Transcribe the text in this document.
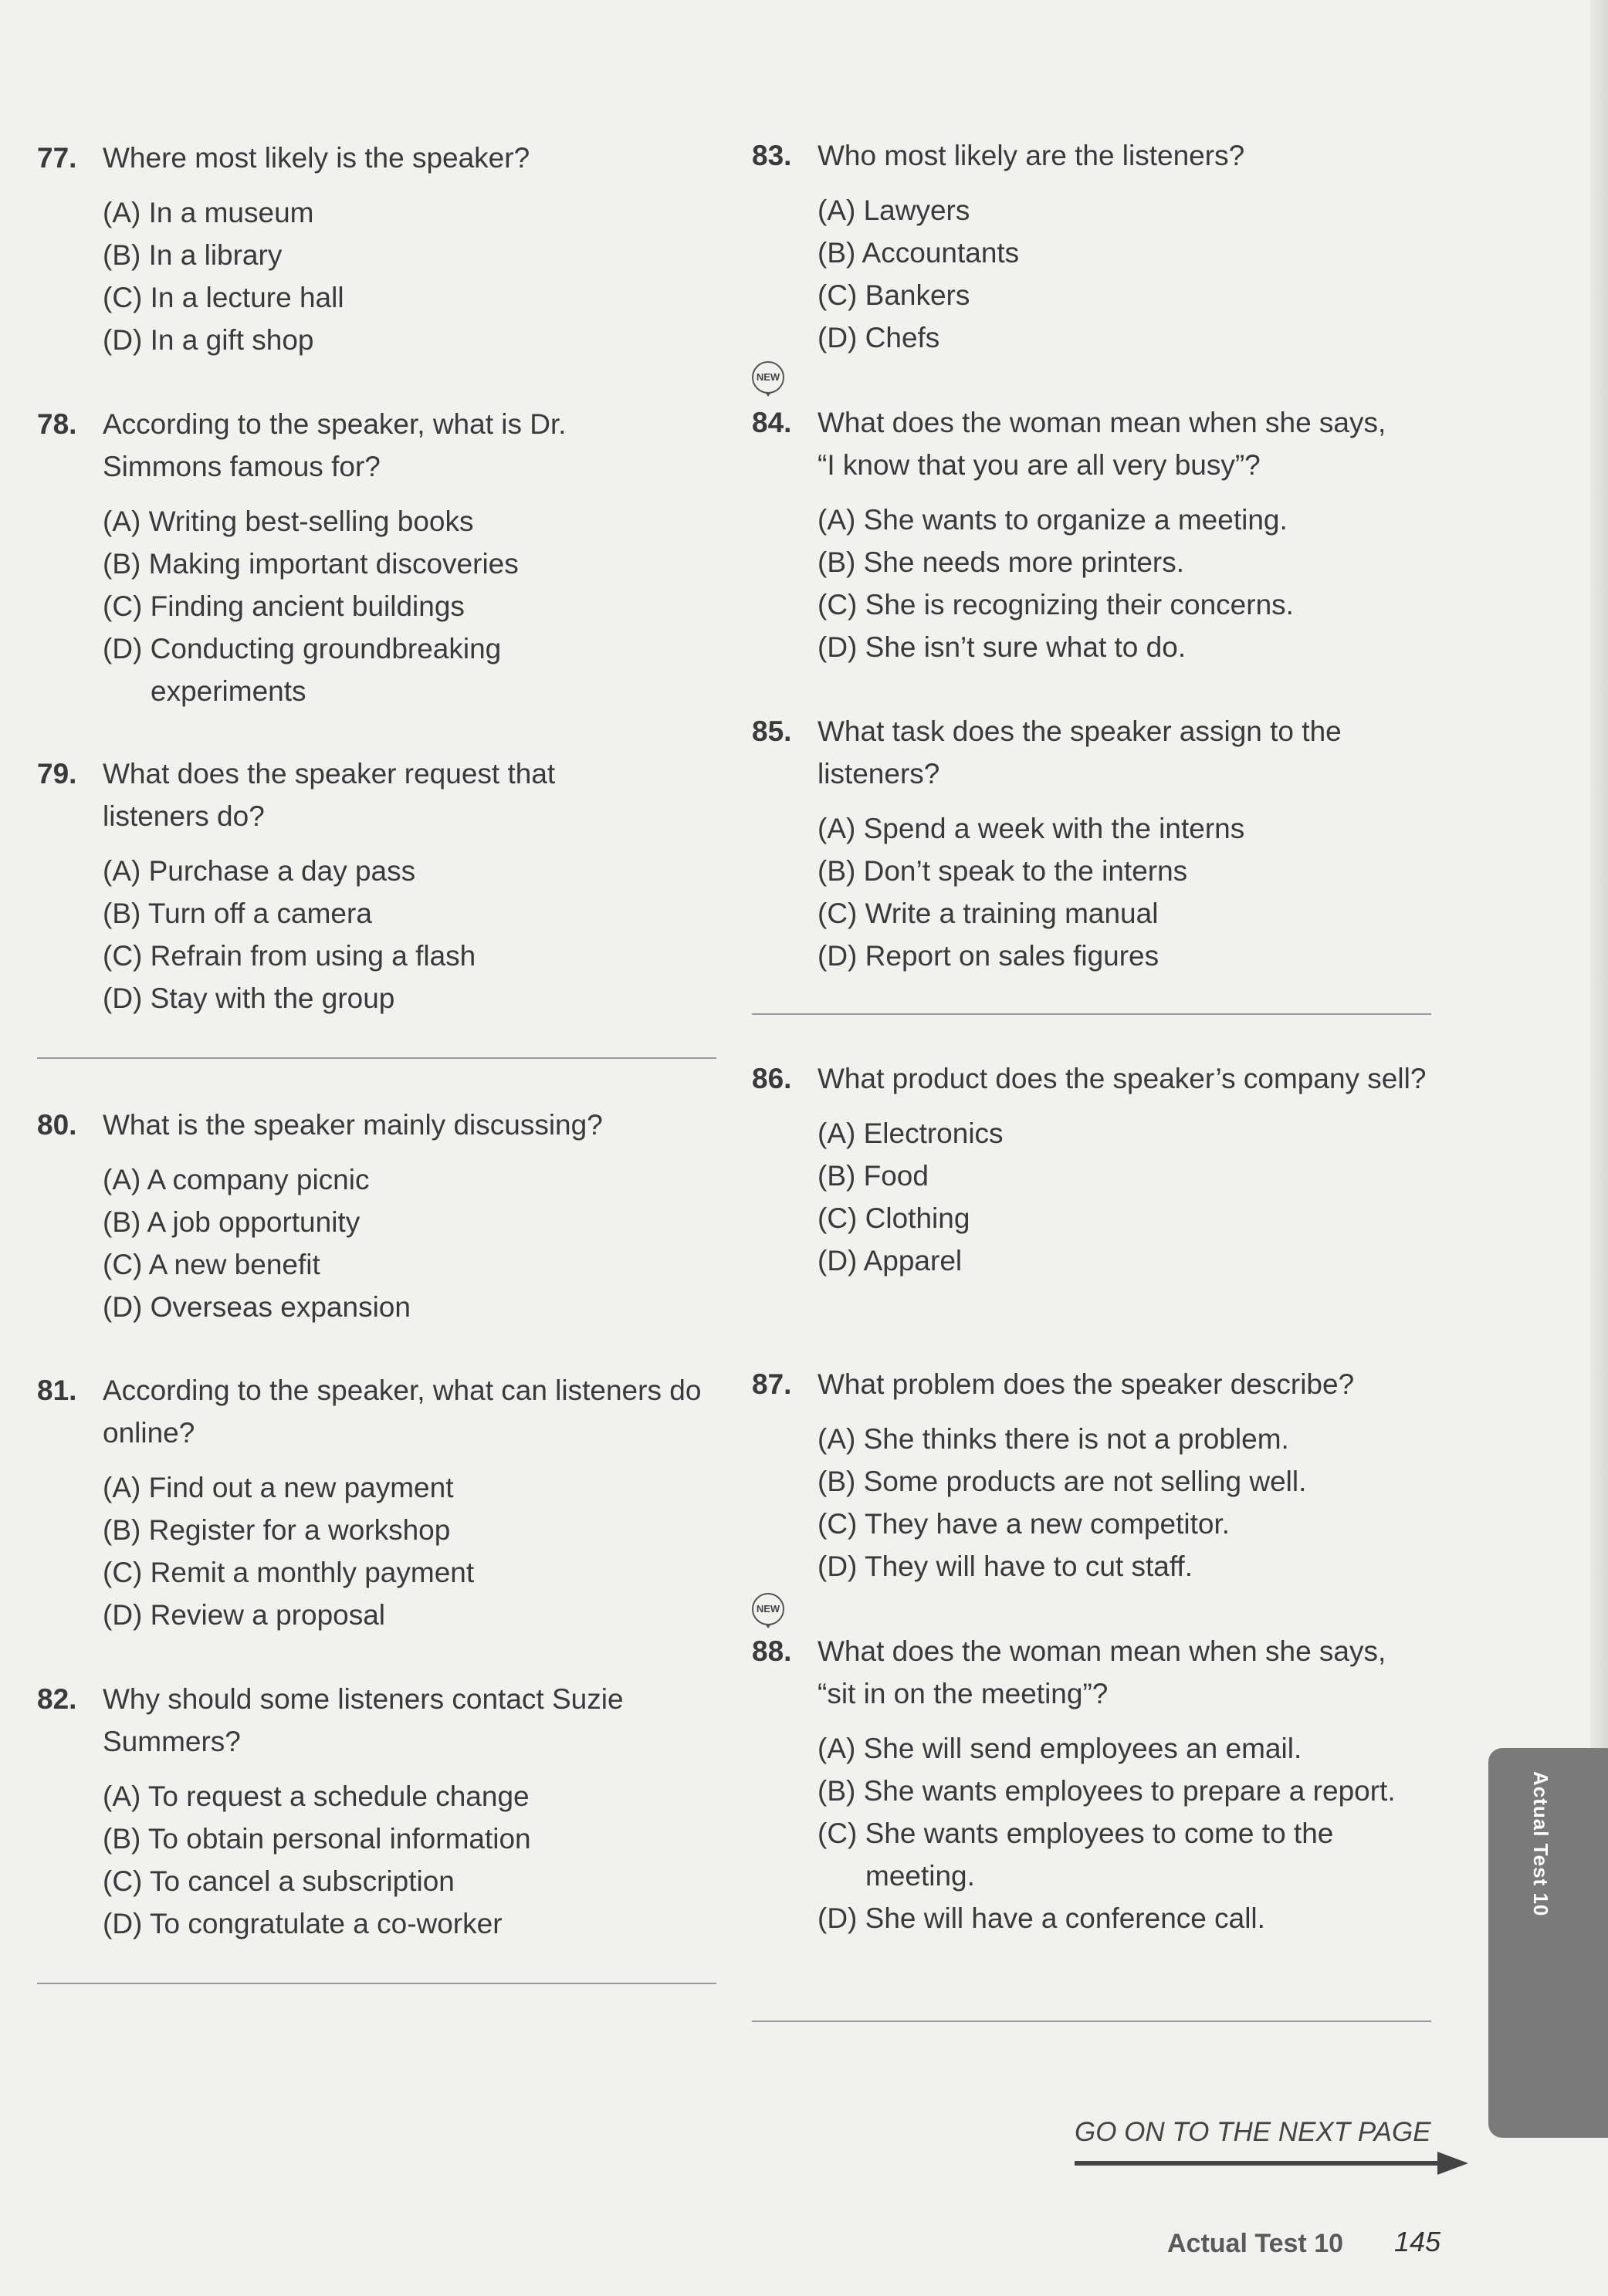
77. Where most likely is the speaker?
(A) In a museum
(B) In a library
(C) In a lecture hall
(D) In a gift shop
78. According to the speaker, what is Dr. Simmons famous for?
(A) Writing best-selling books
(B) Making important discoveries
(C) Finding ancient buildings
(D) Conducting groundbreaking experiments
79. What does the speaker request that listeners do?
(A) Purchase a day pass
(B) Turn off a camera
(C) Refrain from using a flash
(D) Stay with the group
80. What is the speaker mainly discussing?
(A) A company picnic
(B) A job opportunity
(C) A new benefit
(D) Overseas expansion
81. According to the speaker, what can listeners do online?
(A) Find out a new payment
(B) Register for a workshop
(C) Remit a monthly payment
(D) Review a proposal
82. Why should some listeners contact Suzie Summers?
(A) To request a schedule change
(B) To obtain personal information
(C) To cancel a subscription
(D) To congratulate a co-worker
83. Who most likely are the listeners?
(A) Lawyers
(B) Accountants
(C) Bankers
(D) Chefs
NEW
84. What does the woman mean when she says, “I know that you are all very busy”?
(A) She wants to organize a meeting.
(B) She needs more printers.
(C) She is recognizing their concerns.
(D) She isn’t sure what to do.
85. What task does the speaker assign to the listeners?
(A) Spend a week with the interns
(B) Don’t speak to the interns
(C) Write a training manual
(D) Report on sales figures
86. What product does the speaker’s company sell?
(A) Electronics
(B) Food
(C) Clothing
(D) Apparel
87. What problem does the speaker describe?
(A) She thinks there is not a problem.
(B) Some products are not selling well.
(C) They have a new competitor.
(D) They will have to cut staff.
NEW
88. What does the woman mean when she says, “sit in on the meeting”?
(A) She will send employees an email.
(B) She wants employees to prepare a report.
(C) She wants employees to come to the meeting.
(D) She will have a conference call.
Actual Test 10
GO ON TO THE NEXT PAGE
Actual Test 10 145
